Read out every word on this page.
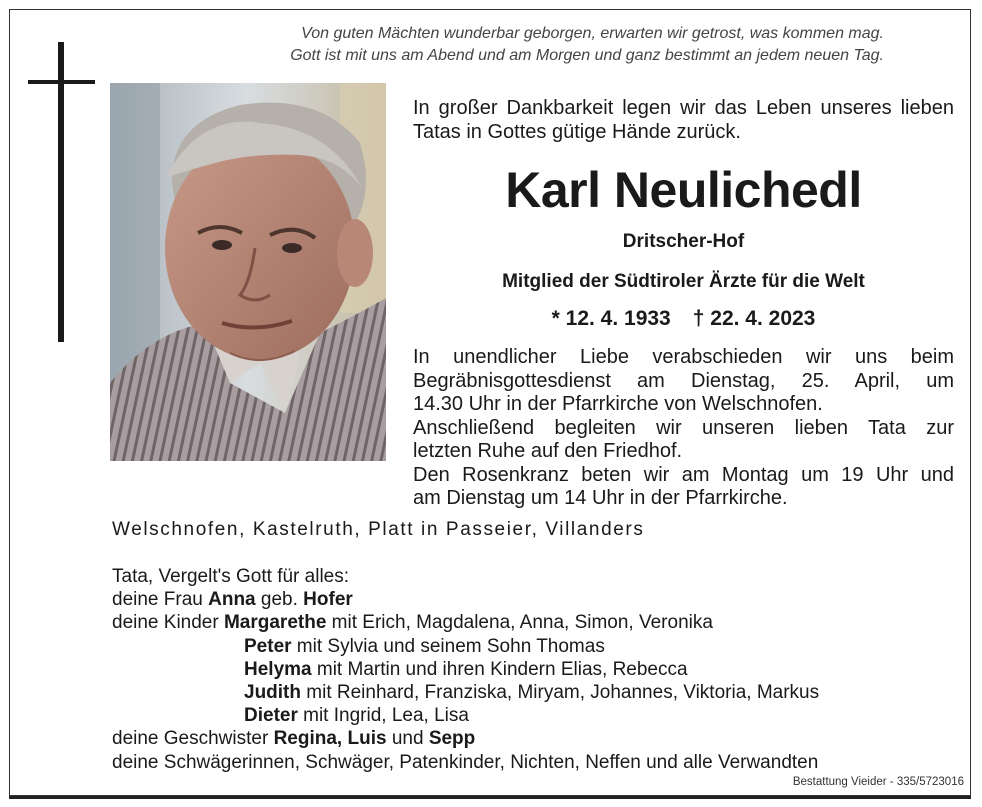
Von guten Mächten wunderbar geborgen, erwarten wir getrost, was kommen mag.
Gott ist mit uns am Abend und am Morgen und ganz bestimmt an jedem neuen Tag.
In großer Dankbarkeit legen wir das Leben unseres lieben Tatas in Gottes gütige Hände zurück.
Karl Neulichedl
Dritscher-Hof
Mitglied der Südtiroler Ärzte für die Welt
* 12. 4. 1933 † 22. 4. 2023
In unendlicher Liebe verabschieden wir uns beim
Begräbnisgottesdienst am Dienstag, 25. April, um
14.30 Uhr in der Pfarrkirche von Welschnofen.
Anschließend begleiten wir unseren lieben Tata zur
letzten Ruhe auf den Friedhof.
Den Rosenkranz beten wir am Montag um 19 Uhr und
am Dienstag um 14 Uhr in der Pfarrkirche.
Welschnofen, Kastelruth, Platt in Passeier, Villanders
Tata, Vergelt's Gott für alles:
deine Frau Anna geb. Hofer
deine Kinder Margarethe mit Erich, Magdalena, Anna, Simon, Veronika
Peter mit Sylvia und seinem Sohn Thomas
Helyma mit Martin und ihren Kindern Elias, Rebecca
Judith mit Reinhard, Franziska, Miryam, Johannes, Viktoria, Markus
Dieter mit Ingrid, Lea, Lisa
deine Geschwister Regina, Luis und Sepp
deine Schwägerinnen, Schwäger, Patenkinder, Nichten, Neffen und alle Verwandten
Bestattung Vieider - 335/5723016
